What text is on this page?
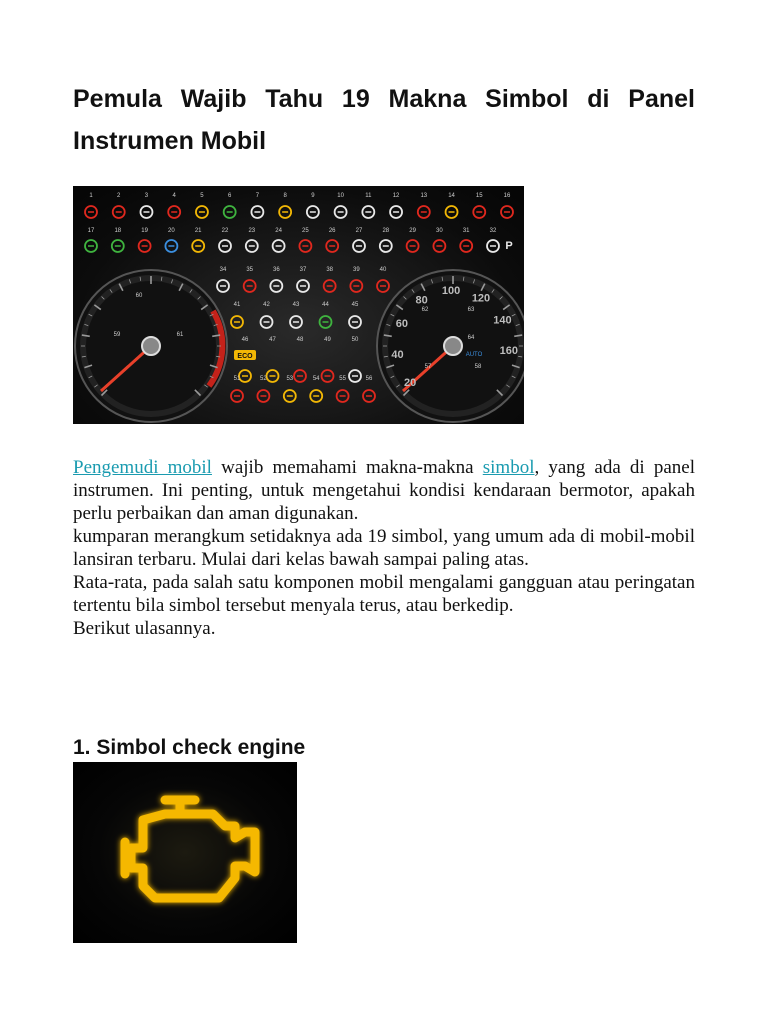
Pemula Wajib Tahu 19 Makna Simbol di Panel Instrumen Mobil
1	2	3	4	5	6	7	8	9	10	11	12	13	14	15	16
17	18	19	20	21	22	23	24	25	26	27	28	29	30	31	32
34	35	36	37	38	39	40
41	42	43	44	45
46	47	48	49	50
51	52	53	54	55	56	20
40
60
80
100
120
140
160
62	63
64
57	58
59	61
60
ECO	AUTO
P

Pengemudi mobil wajib memahami makna-makna simbol, yang ada di panel instrumen. Ini penting, untuk mengetahui kondisi kendaraan bermotor, apakah perlu perbaikan dan aman digunakan.

kumparan merangkum setidaknya ada 19 simbol, yang umum ada di mobil-mobil lansiran terbaru. Mulai dari kelas bawah sampai paling atas.

Rata-rata, pada salah satu komponen mobil mengalami gangguan atau peringatan tertentu bila simbol tersebut menyala terus, atau berkedip.

Berikut ulasannya.

1. Simbol check engine
